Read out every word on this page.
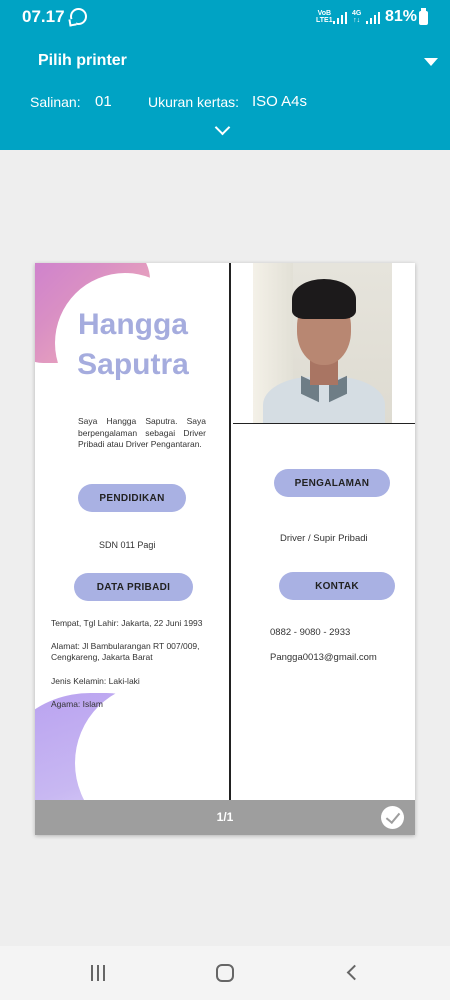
07.17	VoB
LTE1
4G
↑↓ 81%
Pilih printer
Salinan: 01	Ukuran kertas: ISO A4s
Hangga
Saputra

Saya Hangga Saputra. Saya berpengalaman sebagai Driver Pribadi atau Driver Pengantaran.

PENDIDIKAN
SDN 011 Pagi
DATA PRIBADI
Tempat, Tgl Lahir: Jakarta, 22 Juni 1993
Alamat: Jl Bambularangan RT 007/009, Cengkareng, Jakarta Barat
Jenis Kelamin: Laki-laki
Agama: Islam
PENGALAMAN
Driver / Supir Pribadi
KONTAK
0882 - 9080 - 2933
Pangga0013@gmail.com
1/1
